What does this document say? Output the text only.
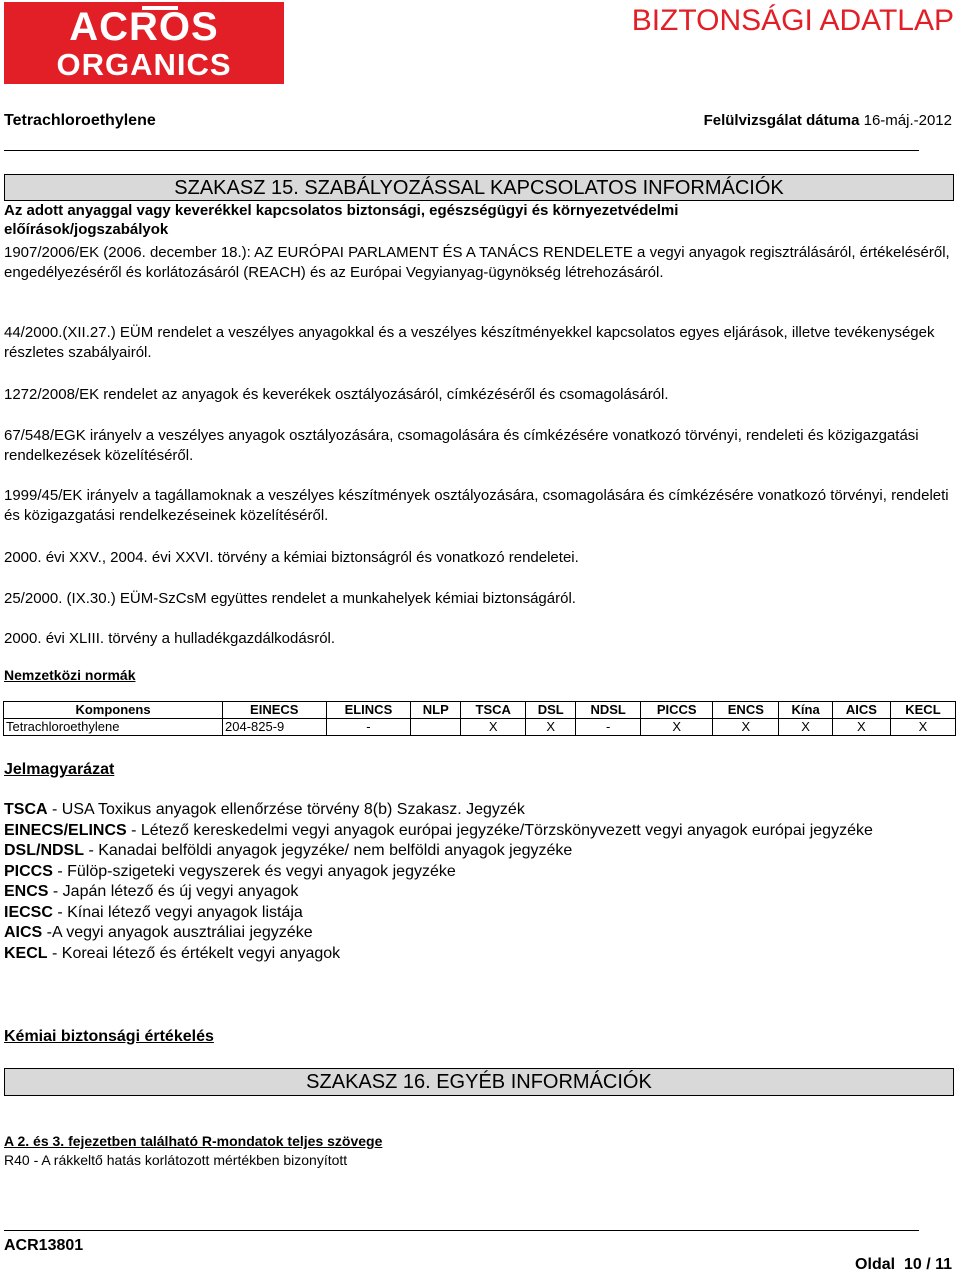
ACROS
ORGANICS
BIZTONSÁGI ADATLAP
Tetrachloroethylene	Felülvizsgálat dátuma 16-máj.-2012
SZAKASZ 15. SZABÁLYOZÁSSAL KAPCSOLATOS INFORMÁCIÓK
Az adott anyaggal vagy keverékkel kapcsolatos biztonsági, egészségügyi és környezetvédelmi előírások/jogszabályok
1907/2006/EK (2006. december 18.): AZ EURÓPAI PARLAMENT ÉS A TANÁCS RENDELETE a vegyi anyagok regisztrálásáról, értékeléséről, engedélyezéséről és korlátozásáról (REACH) és az Európai Vegyianyag-ügynökség létrehozásáról.
44/2000.(XII.27.) EÜM rendelet a veszélyes anyagokkal és a veszélyes készítményekkel kapcsolatos egyes eljárások, illetve tevékenységek részletes szabályairól.
1272/2008/EK rendelet az anyagok és keverékek osztályozásáról, címkézéséről és csomagolásáról.
67/548/EGK irányelv a veszélyes anyagok osztályozására, csomagolására és címkézésére vonatkozó törvényi, rendeleti és közigazgatási rendelkezések közelítéséről.
1999/45/EK irányelv a tagállamoknak a veszélyes készítmények osztályozására, csomagolására és címkézésére vonatkozó törvényi, rendeleti és közigazgatási rendelkezéseinek közelítéséről.
2000. évi XXV., 2004. évi XXVI. törvény a kémiai biztonságról és vonatkozó rendeletei.
25/2000. (IX.30.) EÜM-SzCsM együttes rendelet a munkahelyek kémiai biztonságáról.
2000. évi XLIII. törvény a hulladékgazdálkodásról.
Nemzetközi normák
Komponens	EINECS	ELINCS	NLP	TSCA	DSL	NDSL	PICCS	ENCS	Kína	AICS	KECL
Tetrachloroethylene	204-825-9	-		X	X	-	X	X	X	X	X
Jelmagyarázat
TSCA - USA Toxikus anyagok ellenőrzése törvény 8(b) Szakasz. Jegyzék
EINECS/ELINCS - Létező kereskedelmi vegyi anyagok európai jegyzéke/Törzskönyvezett vegyi anyagok európai jegyzéke
DSL/NDSL - Kanadai belföldi anyagok jegyzéke/ nem belföldi anyagok jegyzéke
PICCS - Fülöp-szigeteki vegyszerek és vegyi anyagok jegyzéke
ENCS - Japán létező és új vegyi anyagok
IECSC - Kínai létező vegyi anyagok listája
AICS -A vegyi anyagok ausztráliai jegyzéke
KECL - Koreai létező és értékelt vegyi anyagok
Kémiai biztonsági értékelés
SZAKASZ 16. EGYÉB INFORMÁCIÓK
A 2. és 3. fejezetben található R-mondatok teljes szövege
R40 - A rákkeltő hatás korlátozott mértékben bizonyított
ACR13801
Oldal 10 / 11
